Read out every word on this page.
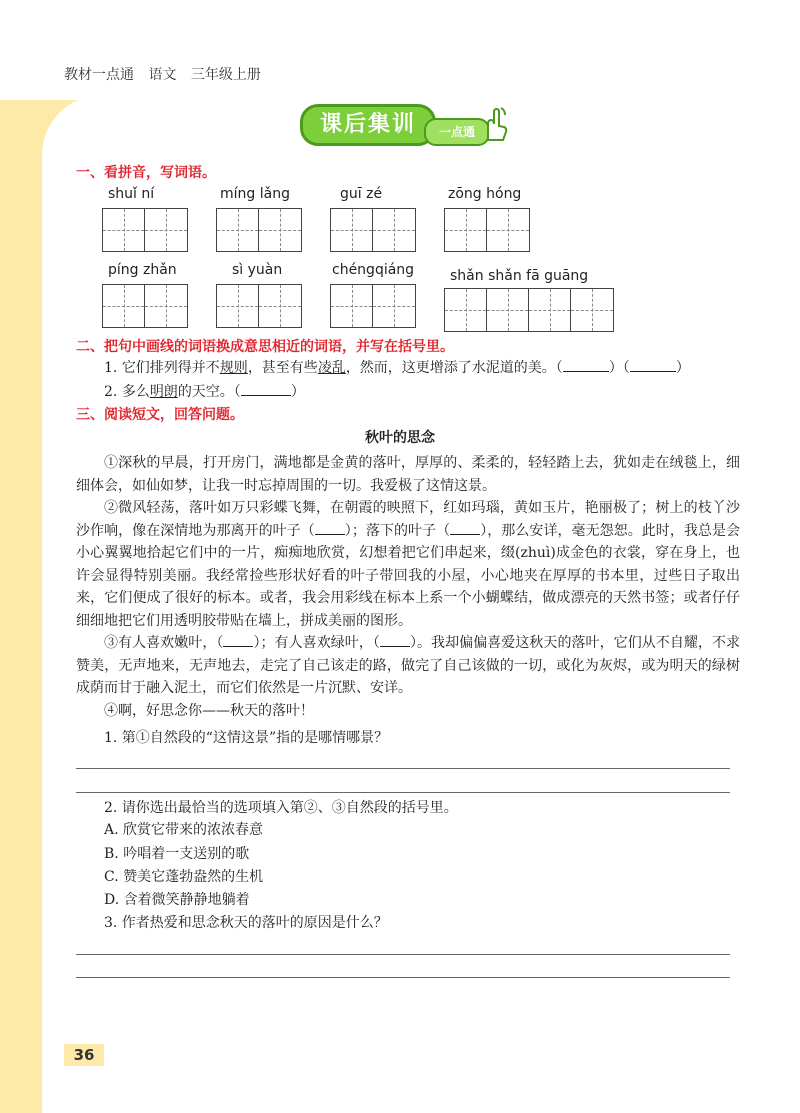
教材一点通 语文 三年级上册
课后集训	一点通
一、看拼音，写词语。
shuǐ ní	míng lǎng	guī zé	zōng hóng
píng zhǎn	sì yuàn	chéngqiáng	shǎn shǎn fā guāng
二、把句中画线的词语换成意思相近的词语，并写在括号里。
1. 它们排列得并不规则，甚至有些凌乱，然而，这更增添了水泥道的美。（	）（	）
2. 多么明朗的天空。（	）
三、阅读短文，回答问题。
秋叶的思念
①深秋的早晨，打开房门，满地都是金黄的落叶，厚厚的、柔柔的，轻轻踏上去，犹如走在绒毯上，细细体会，如仙如梦，让我一时忘掉周围的一切。我爱极了这情这景。
②微风轻荡，落叶如万只彩蝶飞舞，在朝霞的映照下，红如玛瑙，黄如玉片，艳丽极了；树上的枝丫沙沙作响，像在深情地为那离开的叶子（ ）；落下的叶子（ ），那么安详，毫无怨恕。此时，我总是会小心翼翼地拾起它们中的一片，痴痴地欣赏，幻想着把它们串起来，缀(zhuì)成金色的衣裳，穿在身上，也许会显得特别美丽。我经常捡些形状好看的叶子带回我的小屋，小心地夹在厚厚的书本里，过些日子取出来，它们便成了很好的标本。或者，我会用彩线在标本上系一个小蝴蝶结，做成漂亮的天然书签；或者仔仔细细地把它们用透明胶带贴在墙上，拼成美丽的图形。
③有人喜欢嫩叶，（ ）；有人喜欢绿叶，（ ）。我却偏偏喜爱这秋天的落叶，它们从不自耀，不求赞美，无声地来，无声地去，走完了自己该走的路，做完了自己该做的一切，或化为灰烬，或为明天的绿树成荫而甘于融入泥土，而它们依然是一片沉默、安详。
④啊，好思念你——秋天的落叶！
1. 第①自然段的“这情这景”指的是哪情哪景？
2. 请你选出最恰当的选项填入第②、③自然段的括号里。
A. 欣赏它带来的浓浓春意
B. 吟唱着一支送别的歌
C. 赞美它蓬勃盎然的生机
D. 含着微笑静静地躺着
3. 作者热爱和思念秋天的落叶的原因是什么？
36
